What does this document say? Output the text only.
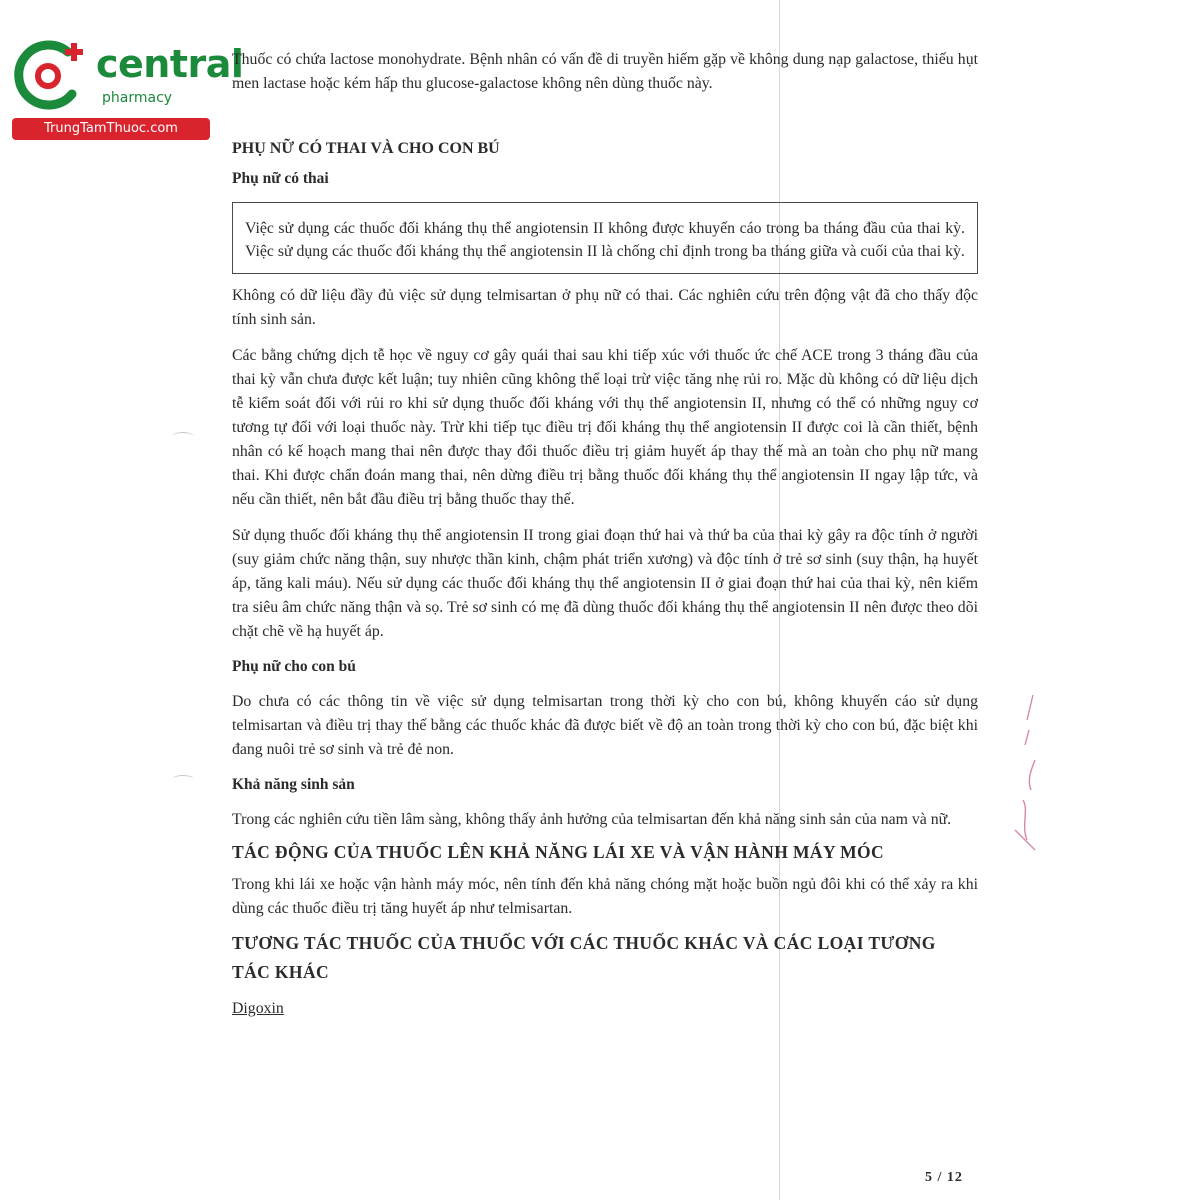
central
pharmacy
TrungTamThuoc.com

Thuốc có chứa lactose monohydrate. Bệnh nhân có vấn đề di truyền hiếm gặp về không dung nạp galactose, thiếu hụt men lactase hoặc kém hấp thu glucose-galactose không nên dùng thuốc này.

PHỤ NỮ CÓ THAI VÀ CHO CON BÚ
Phụ nữ có thai

Việc sử dụng các thuốc đối kháng thụ thể angiotensin II không được khuyến cáo trong ba tháng đầu của thai kỳ. Việc sử dụng các thuốc đối kháng thụ thể angiotensin II là chống chỉ định trong ba tháng giữa và cuối của thai kỳ.

Không có dữ liệu đầy đủ việc sử dụng telmisartan ở phụ nữ có thai. Các nghiên cứu trên động vật đã cho thấy độc tính sinh sản.

Các bằng chứng dịch tễ học về nguy cơ gây quái thai sau khi tiếp xúc với thuốc ức chế ACE trong 3 tháng đầu của thai kỳ vẫn chưa được kết luận; tuy nhiên cũng không thể loại trừ việc tăng nhẹ rủi ro. Mặc dù không có dữ liệu dịch tễ kiểm soát đối với rủi ro khi sử dụng thuốc đối kháng với thụ thể angiotensin II, nhưng có thể có những nguy cơ tương tự đối với loại thuốc này. Trừ khi tiếp tục điều trị đối kháng thụ thể angiotensin II được coi là cần thiết, bệnh nhân có kế hoạch mang thai nên được thay đổi thuốc điều trị giảm huyết áp thay thế mà an toàn cho phụ nữ mang thai. Khi được chẩn đoán mang thai, nên dừng điều trị bằng thuốc đối kháng thụ thể angiotensin II ngay lập tức, và nếu cần thiết, nên bắt đầu điều trị bằng thuốc thay thế.

Sử dụng thuốc đối kháng thụ thể angiotensin II trong giai đoạn thứ hai và thứ ba của thai kỳ gây ra độc tính ở người (suy giảm chức năng thận, suy nhược thần kinh, chậm phát triển xương) và độc tính ở trẻ sơ sinh (suy thận, hạ huyết áp, tăng kali máu). Nếu sử dụng các thuốc đối kháng thụ thể angiotensin II ở giai đoạn thứ hai của thai kỳ, nên kiểm tra siêu âm chức năng thận và sọ. Trẻ sơ sinh có mẹ đã dùng thuốc đối kháng thụ thể angiotensin II nên được theo dõi chặt chẽ về hạ huyết áp.

Phụ nữ cho con bú

Do chưa có các thông tin về việc sử dụng telmisartan trong thời kỳ cho con bú, không khuyến cáo sử dụng telmisartan và điều trị thay thế bằng các thuốc khác đã được biết về độ an toàn trong thời kỳ cho con bú, đặc biệt khi đang nuôi trẻ sơ sinh và trẻ đẻ non.

Khả năng sinh sản

Trong các nghiên cứu tiền lâm sàng, không thấy ảnh hưởng của telmisartan đến khả năng sinh sản của nam và nữ.

TÁC ĐỘNG CỦA THUỐC LÊN KHẢ NĂNG LÁI XE VÀ VẬN HÀNH MÁY MÓC

Trong khi lái xe hoặc vận hành máy móc, nên tính đến khả năng chóng mặt hoặc buồn ngủ đôi khi có thể xảy ra khi dùng các thuốc điều trị tăng huyết áp như telmisartan.

TƯƠNG TÁC THUỐC CỦA THUỐC VỚI CÁC THUỐC KHÁC VÀ CÁC LOẠI TƯƠNG TÁC KHÁC
Digoxin
5 / 12
